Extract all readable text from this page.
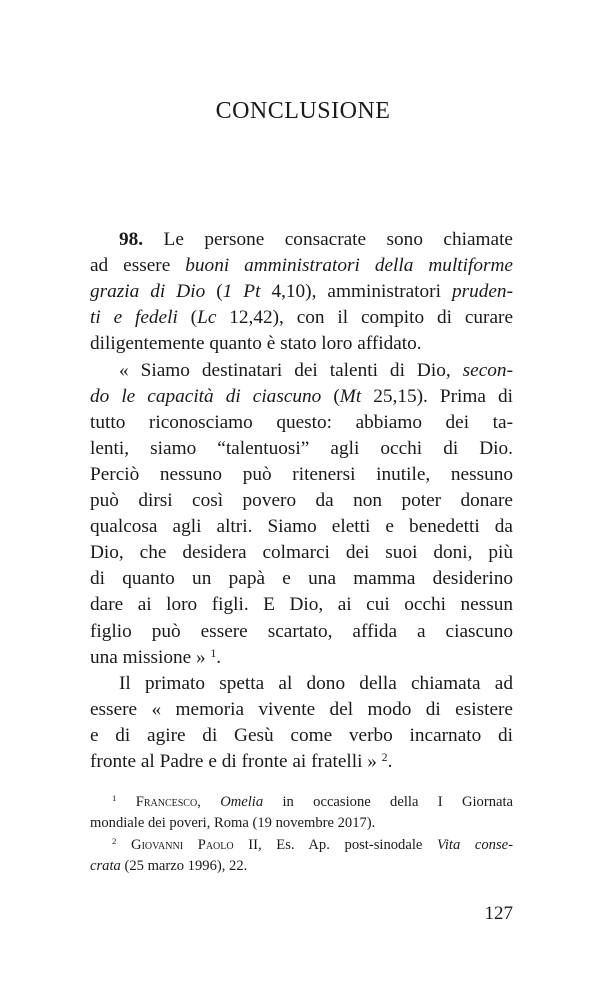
CONCLUSIONE
98. Le persone consacrate sono chiamate
ad essere buoni amministratori della multiforme
grazia di Dio (1 Pt 4,10), amministratori pruden-
ti e fedeli (Lc 12,42), con il compito di curare
diligentemente quanto è stato loro affidato.
« Siamo destinatari dei talenti di Dio, secon-
do le capacità di ciascuno (Mt 25,15). Prima di
tutto riconosciamo questo: abbiamo dei ta-
lenti, siamo “talentuosi” agli occhi di Dio.
Perciò nessuno può ritenersi inutile, nessuno
può dirsi così povero da non poter donare
qualcosa agli altri. Siamo eletti e benedetti da
Dio, che desidera colmarci dei suoi doni, più
di quanto un papà e una mamma desiderino
dare ai loro figli. E Dio, ai cui occhi nessun
figlio può essere scartato, affida a ciascuno
una missione » $^1$.
Il primato spetta al dono della chiamata ad
essere « memoria vivente del modo di esistere
e di agire di Gesù come verbo incarnato di
fronte al Padre e di fronte ai fratelli » $^2$.
$^1$ Francesco, Omelia in occasione della I Giornata
mondiale dei poveri, Roma (19 novembre 2017).
$^2$ Giovanni Paolo II, Es. Ap. post-sinodale Vita conse-
crata (25 marzo 1996), 22.
127
